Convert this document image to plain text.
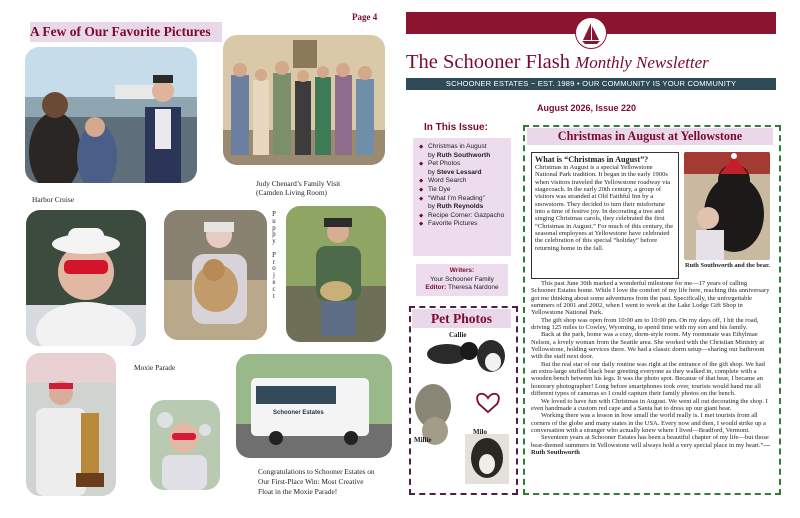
Page 4
A Few of Our Favorite Pictures
Harbor Cruise
Judy Chenard’s Family Visit
(Camden Living Room)
P
u
p
p
y

P
r
o
j
e
c
t
Moxie Parade
Schooner Estates
Congratulations to Schooner Estates on
Our First-Place Win: Most Creative
Float in the Moxie Parade!
The Schooner Flash Monthly Newsletter
SCHOONER ESTATES ~ EST. 1989 • OUR COMMUNITY IS YOUR COMMUNITY
August 2026, Issue 220
In This Issue:
◆ Christmas in August
by Ruth Southworth
◆ Pet Photos
by Steve Lessard
◆ Word Search
◆ Tie Dye
◆ “What I’m Reading”
by Ruth Reynolds
◆ Recipe Corner: Gazpacho
◆ Favorite Pictures
Writers:
Your Schooner Family
Editor: Theresa Nardone
Pet Photos
Callie
Millie
Milo
Christmas in August at Yellowstone
What is “Christmas in August”?
Christmas in August is a special Yellowstone National Park tradition. It began in the early 1900s when visitors traveled the Yellowstone roadway via stagecoach. In the early 20th century, a group of visitors was stranded at Old Faithful Inn by a snowstorm. They decided to turn their misfortune into a time of festive joy. In decorating a tree and singing Christmas carols, they celebrated the first “Christmas in August.” For much of this century, the seasonal employees at Yellowstone have celebrated the celebration of this special “holiday” before returning home in the fall.
Ruth Southworth and the bear.

This past June 30th marked a wonderful milestone for me—17 years of calling Schooner Estates home. While I love the comfort of my life here, reaching this anniversary got me thinking about some adventures from the past. Specifically, the unforgettable summers of 2001 and 2002, when I went to work at the Lake Lodge Gift Shop in Yellowstone National Park.

The gift shop was open from 10:00 am to 10:00 pm. On my days off, I hit the road, driving 125 miles to Cowley, Wyoming, to spend time with my son and his family.

Back at the park, home was a cozy, dorm-style room. My roommate was Ethylmae Nelson, a lovely woman from the Seattle area. She worked with the Christian Ministry at Yellowstone, holding services there. We had a classic dorm setup—sharing our bathroom with the staff next door.

But the real star of our daily routine was right at the entrance of the gift shop. We had an extra-large stuffed black bear greeting everyone as they walked in, complete with a wooden bench between his legs. It was the photo spot. Because of that bear, I became an honorary photographer! Long before smartphones took over, tourists would hand me all different types of cameras so I could capture their family photos on the bench.

We loved to have fun with Christmas in August. We went all out decorating the shop. I even handmade a custom red cape and a Santa hat to dress up our giant bear.

Working there was a lesson in how small the world really is. I met tourists from all corners of the globe and many states in the USA. Every now and then, I would strike up a conversation with a stranger who actually knew where I lived—Bradford, Vermont.

Seventeen years at Schooner Estates has been a beautiful chapter of my life—but those bear-themed summers in Yellowstone will always hold a very special place in my heart.”—Ruth Southworth
